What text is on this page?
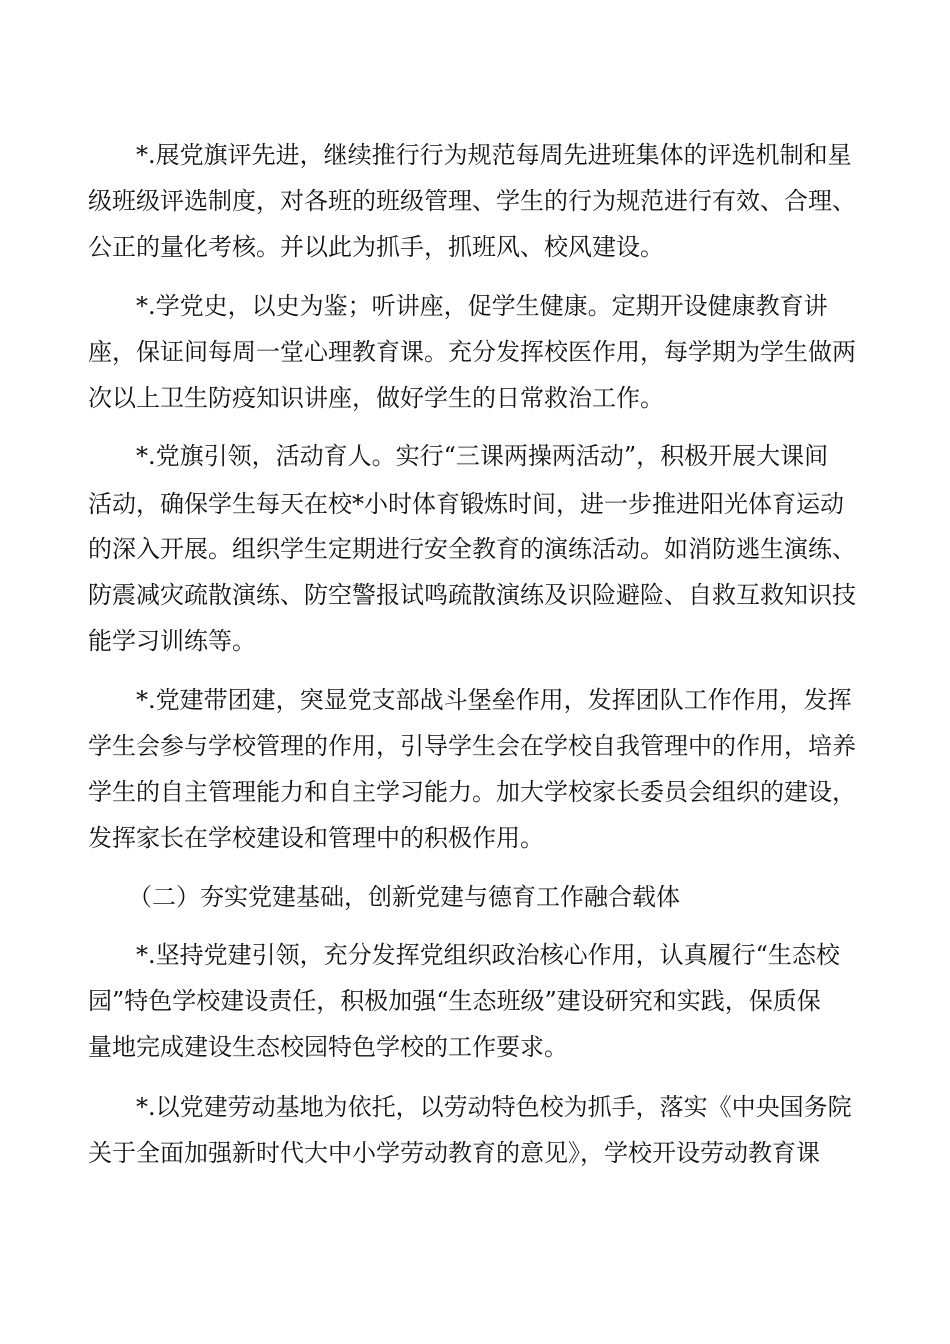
*.展党旗评先进，继续推行行为规范每周先进班集体的评选机制和星
级班级评选制度，对各班的班级管理、学生的行为规范进行有效、合理、
公正的量化考核。并以此为抓手，抓班风、校风建设。
*.学党史，以史为鉴；听讲座，促学生健康。定期开设健康教育讲
座，保证间每周一堂心理教育课。充分发挥校医作用，每学期为学生做两
次以上卫生防疫知识讲座，做好学生的日常救治工作。
*.党旗引领，活动育人。实行“三课两操两活动”，积极开展大课间
活动，确保学生每天在校*小时体育锻炼时间，进一步推进阳光体育运动
的深入开展。组织学生定期进行安全教育的演练活动。如消防逃生演练、
防震减灾疏散演练、防空警报试鸣疏散演练及识险避险、自救互救知识技
能学习训练等。
*.党建带团建，突显党支部战斗堡垒作用，发挥团队工作作用，发挥
学生会参与学校管理的作用，引导学生会在学校自我管理中的作用，培养
学生的自主管理能力和自主学习能力。加大学校家长委员会组织的建设，
发挥家长在学校建设和管理中的积极作用。
（二）夯实党建基础，创新党建与德育工作融合载体
*.坚持党建引领，充分发挥党组织政治核心作用，认真履行“生态校
园”特色学校建设责任，积极加强“生态班级”建设研究和实践，保质保
量地完成建设生态校园特色学校的工作要求。
*.以党建劳动基地为依托，以劳动特色校为抓手，落实《中央国务院
关于全面加强新时代大中小学劳动教育的意见》，学校开设劳动教育课
